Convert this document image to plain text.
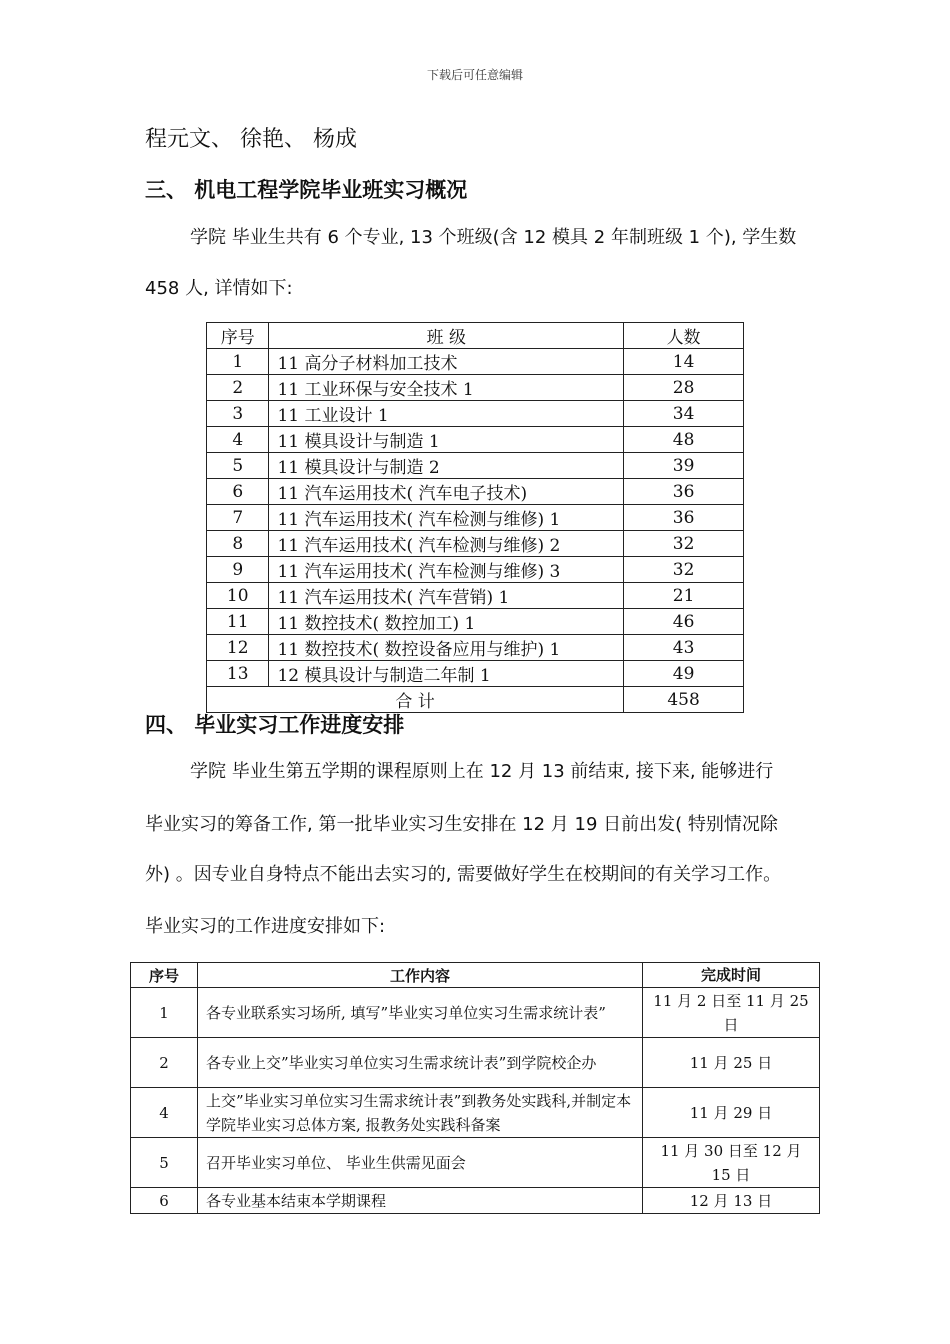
下载后可任意编辑
程元文、 徐艳、 杨成
三、 机电工程学院毕业班实习概况
学院 毕业生共有 6 个专业, 13 个班级(含 12 模具 2 年制班级 1 个), 学生数
458 人, 详情如下:
序号	班 级	人数
1	11 高分子材料加工技术	14
2	11 工业环保与安全技术 1	28
3	11 工业设计 1	34
4	11 模具设计与制造 1	48
5	11 模具设计与制造 2	39
6	11 汽车运用技术( 汽车电子技术)	36
7	11 汽车运用技术( 汽车检测与维修) 1	36
8	11 汽车运用技术( 汽车检测与维修) 2	32
9	11 汽车运用技术( 汽车检测与维修) 3	32
10	11 汽车运用技术( 汽车营销) 1	21
11	11 数控技术( 数控加工) 1	46
12	11 数控技术( 数控设备应用与维护) 1	43
13	12 模具设计与制造二年制 1	49
合 计		458
四、 毕业实习工作进度安排
学院 毕业生第五学期的课程原则上在 12 月 13 前结束, 接下来, 能够进行
毕业实习的筹备工作, 第一批毕业实习生安排在 12 月 19 日前出发( 特别情况除
外) 。因专业自身特点不能出去实习的, 需要做好学生在校期间的有关学习工作。
毕业实习的工作进度安排如下:
序号	工作内容	完成时间
1	各专业联系实习场所, 填写”毕业实习单位实习生需求统计表”	11 月 2 日至 11 月 25 日
2	各专业上交”毕业实习单位实习生需求统计表”到学院校企办	11 月 25 日
4	上交”毕业实习单位实习生需求统计表”到教务处实践科,并制定本学院毕业实习总体方案, 报教务处实践科备案	11 月 29 日
5	召开毕业实习单位、 毕业生供需见面会	11 月 30 日至 12 月 15 日
6	各专业基本结束本学期课程	12 月 13 日
